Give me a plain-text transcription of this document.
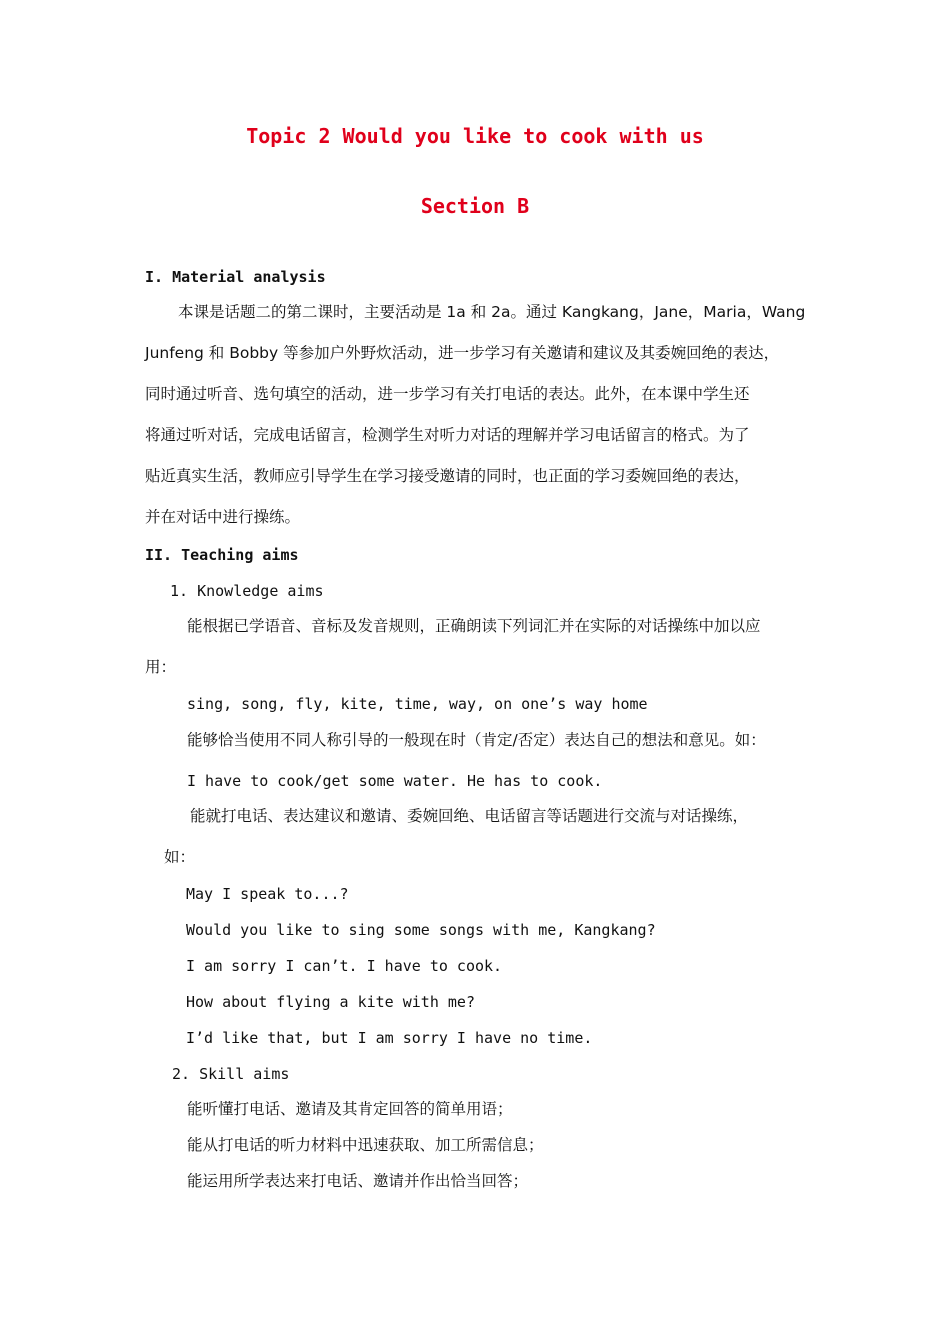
Topic 2 Would you like to cook with us
Section B
I. Material analysis
本课是话题二的第二课时，主要活动是 1a 和 2a。通过 Kangkang，Jane，Maria，Wang
Junfeng 和 Bobby 等参加户外野炊活动，进一步学习有关邀请和建议及其委婉回绝的表达，
同时通过听音、选句填空的活动，进一步学习有关打电话的表达。此外，在本课中学生还
将通过听对话，完成电话留言，检测学生对听力对话的理解并学习电话留言的格式。为了
贴近真实生活，教师应引导学生在学习接受邀请的同时，也正面的学习委婉回绝的表达，
并在对话中进行操练。
II. Teaching aims
1. Knowledge aims
能根据已学语音、音标及发音规则，正确朗读下列词汇并在实际的对话操练中加以应
用：
sing, song, fly, kite, time, way, on one’s way home
能够恰当使用不同人称引导的一般现在时（肯定/否定）表达自己的想法和意见。如：
I have to cook/get some water. He has to cook.
能就打电话、表达建议和邀请、委婉回绝、电话留言等话题进行交流与对话操练，
如：
May I speak to...?
Would you like to sing some songs with me, Kangkang?
I am sorry I can’t. I have to cook.
How about flying a kite with me?
I’d like that, but I am sorry I have no time.
2. Skill aims
能听懂打电话、邀请及其肯定回答的简单用语；
能从打电话的听力材料中迅速获取、加工所需信息；
能运用所学表达来打电话、邀请并作出恰当回答；
